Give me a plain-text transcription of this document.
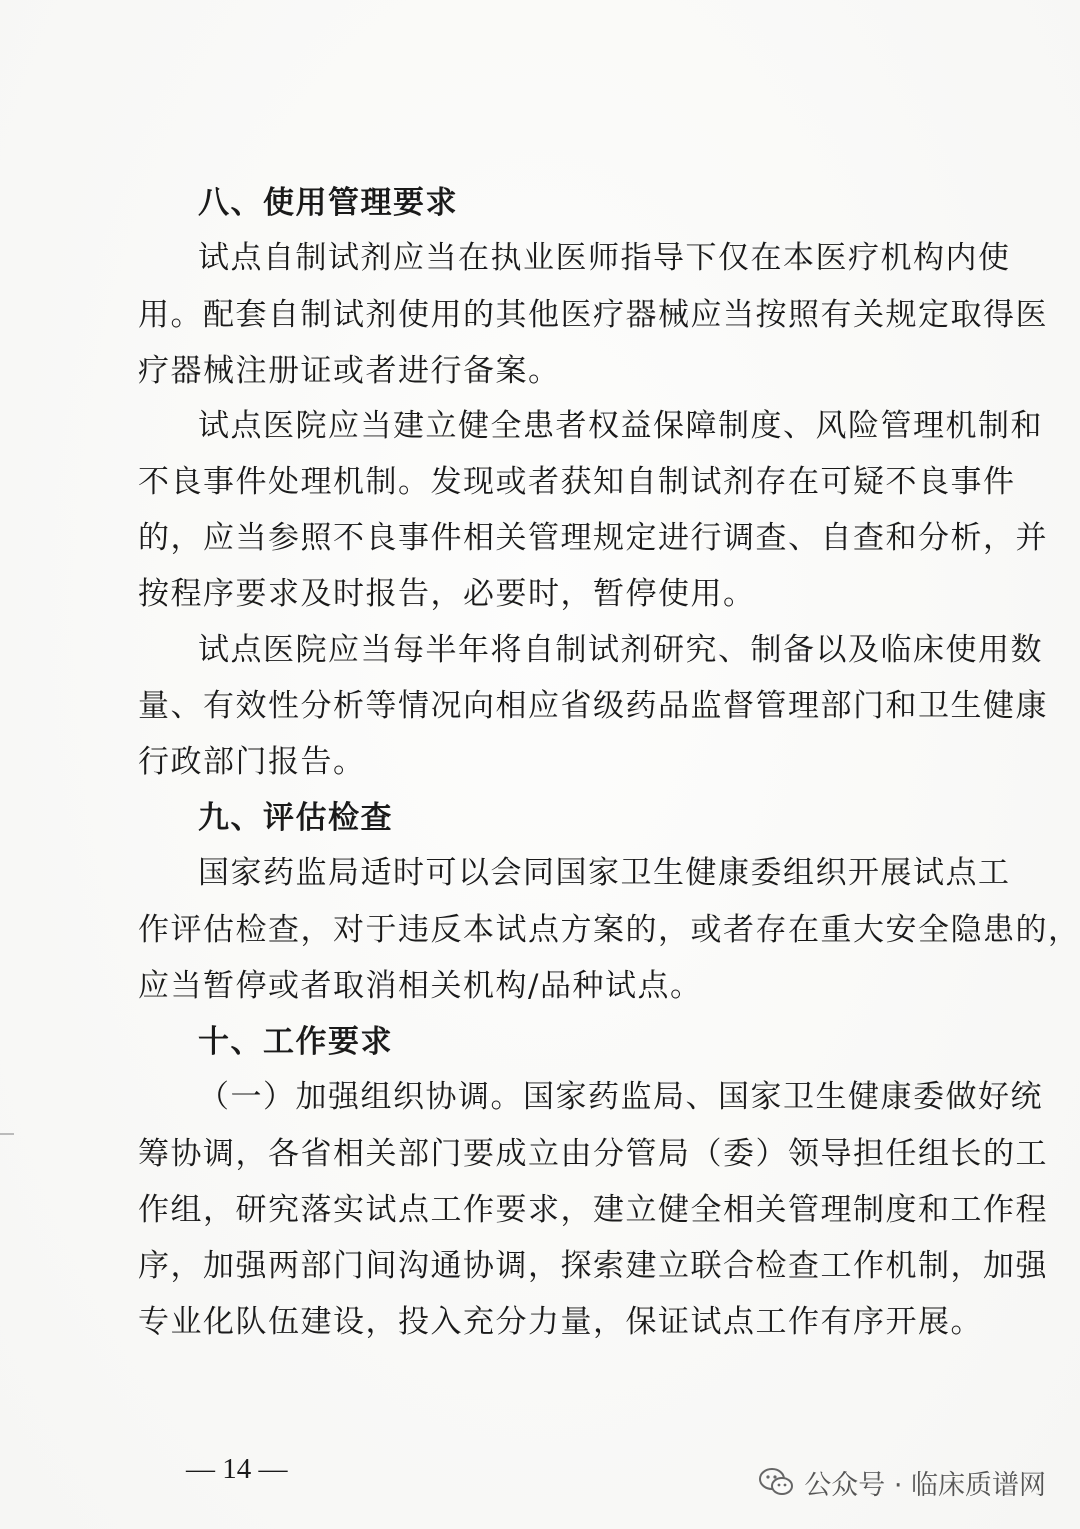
八、使用管理要求
试点自制试剂应当在执业医师指导下仅在本医疗机构内使
用。配套自制试剂使用的其他医疗器械应当按照有关规定取得医
疗器械注册证或者进行备案。
试点医院应当建立健全患者权益保障制度、风险管理机制和
不良事件处理机制。发现或者获知自制试剂存在可疑不良事件
的，应当参照不良事件相关管理规定进行调查、自查和分析，并
按程序要求及时报告，必要时，暂停使用。
试点医院应当每半年将自制试剂研究、制备以及临床使用数
量、有效性分析等情况向相应省级药品监督管理部门和卫生健康
行政部门报告。
九、评估检查
国家药监局适时可以会同国家卫生健康委组织开展试点工
作评估检查，对于违反本试点方案的，或者存在重大安全隐患的，
应当暂停或者取消相关机构/品种试点。
十、工作要求
（一）加强组织协调。国家药监局、国家卫生健康委做好统
筹协调，各省相关部门要成立由分管局（委）领导担任组长的工
作组，研究落实试点工作要求，建立健全相关管理制度和工作程
序，加强两部门间沟通协调，探索建立联合检查工作机制，加强
专业化队伍建设，投入充分力量，保证试点工作有序开展。
— 14 —	公众号 · 临床质谱网
